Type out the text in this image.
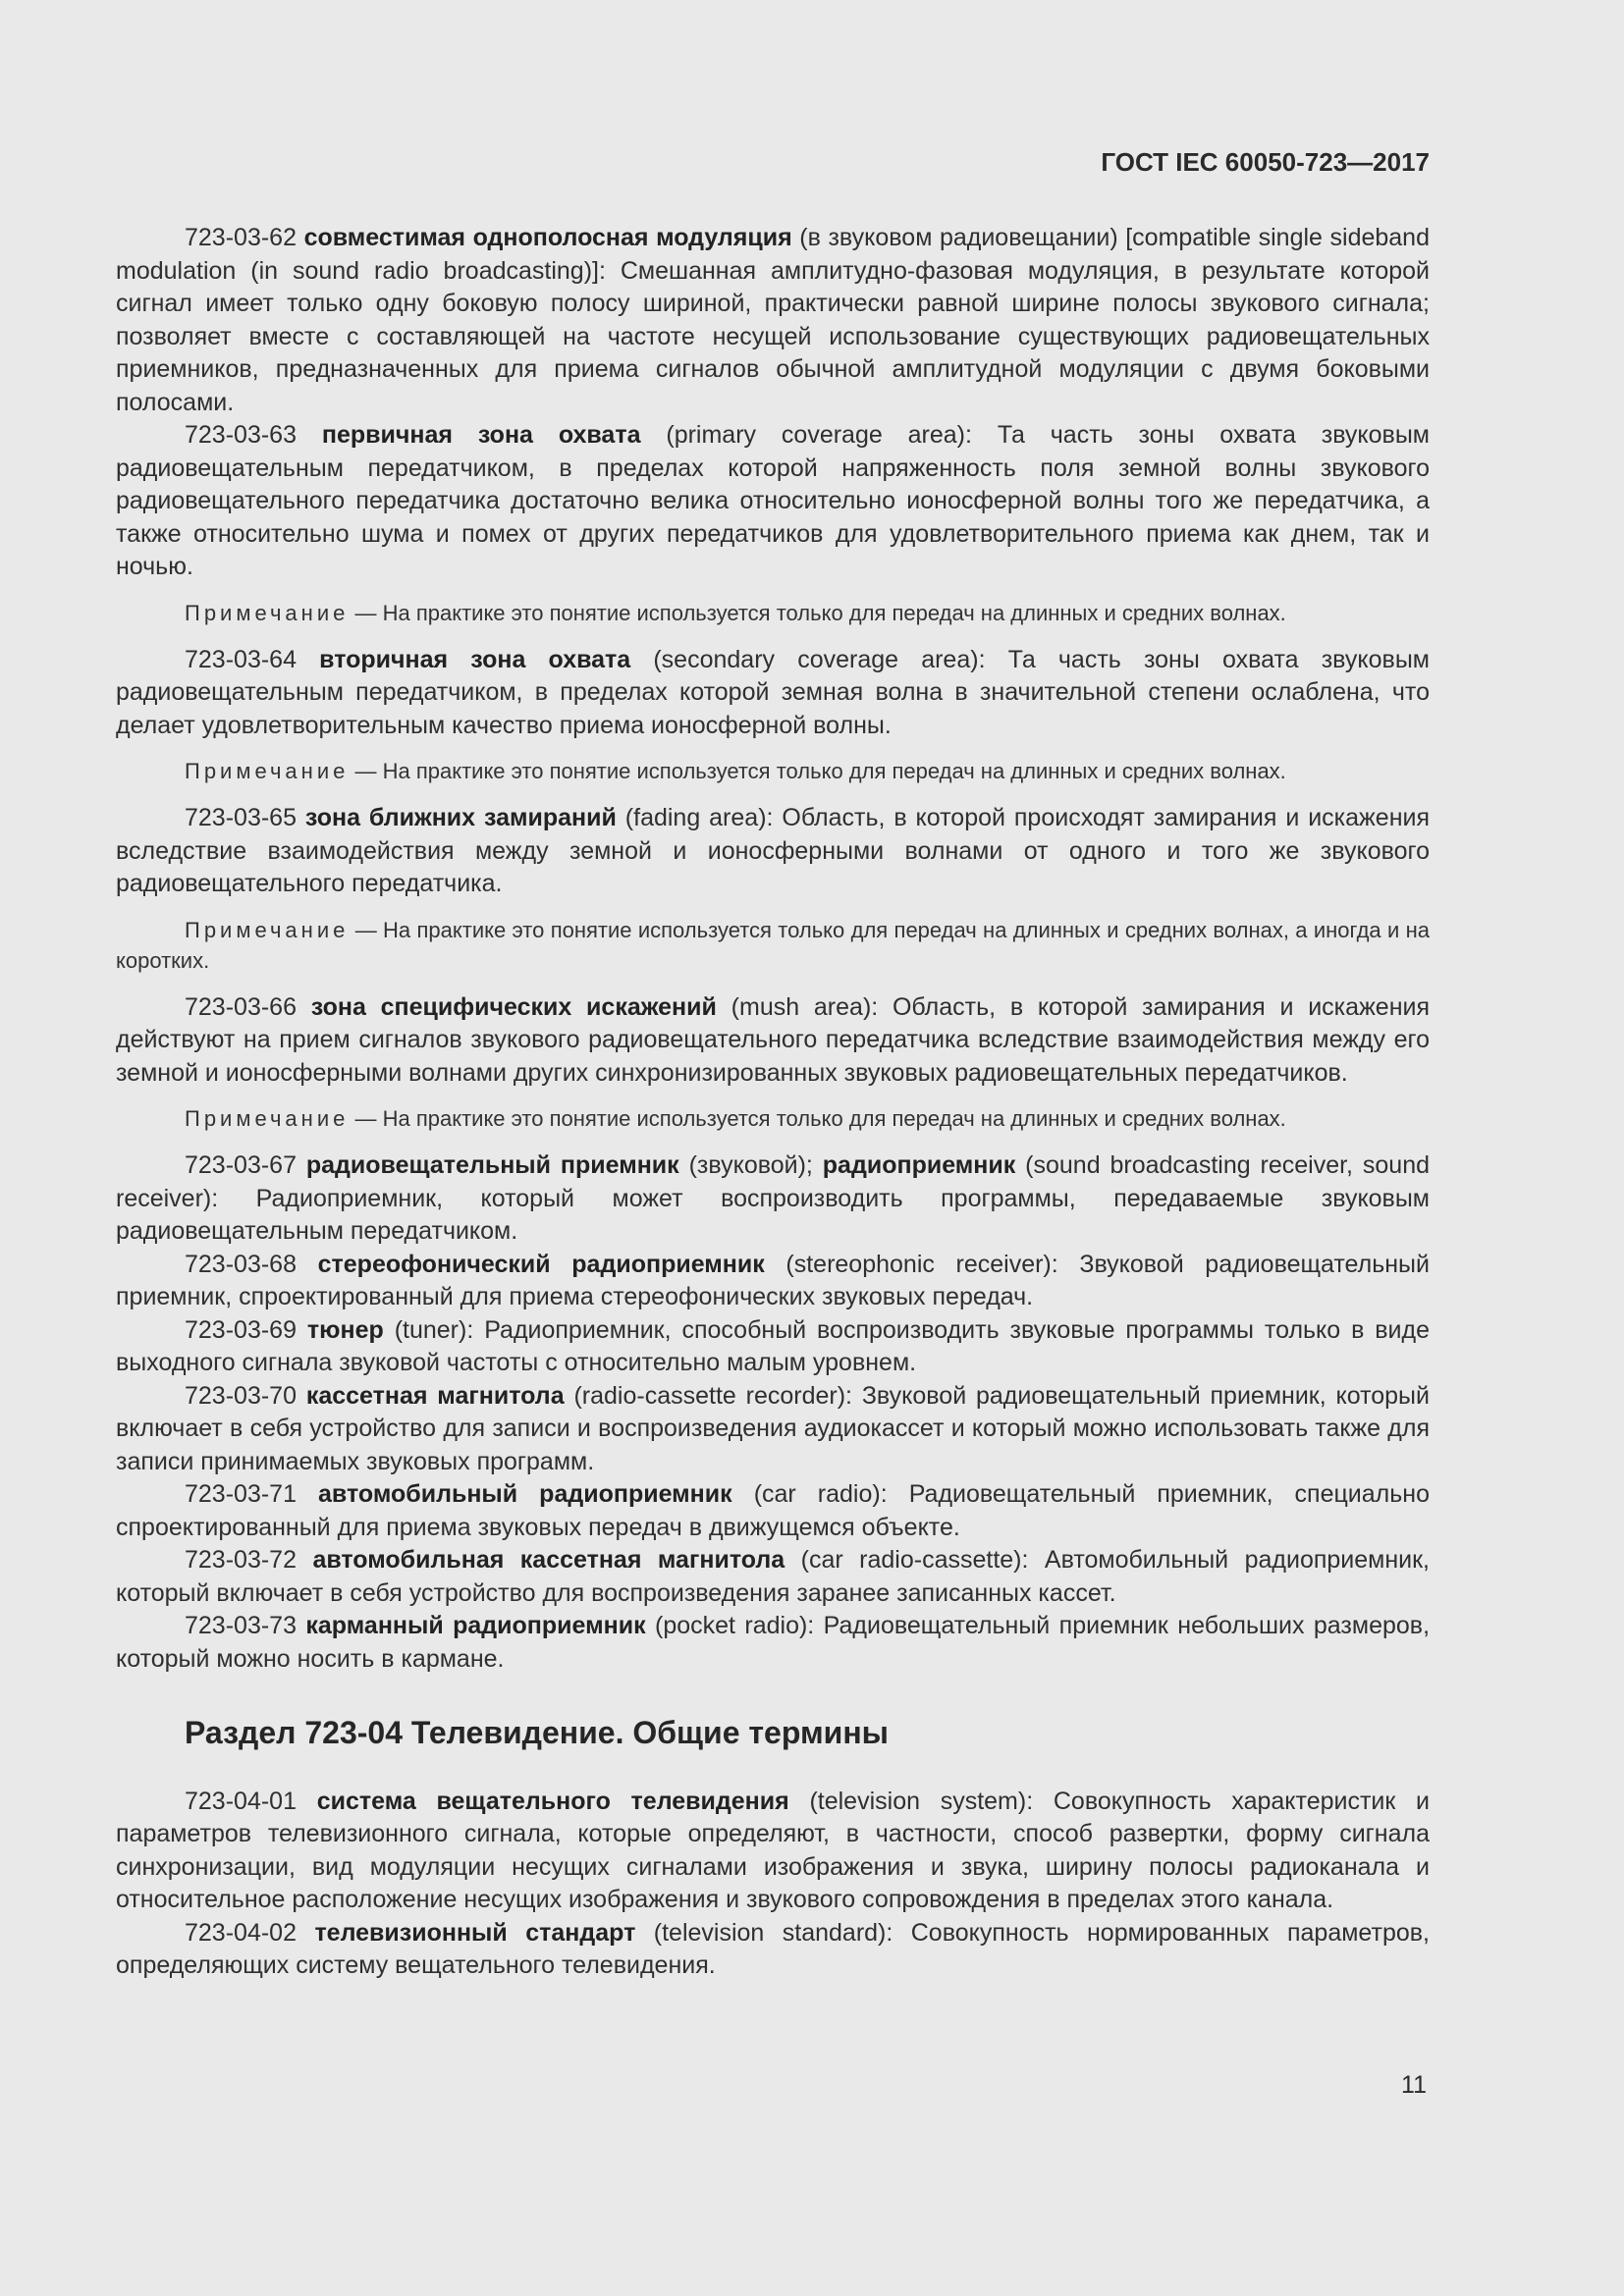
ГОСТ IEC 60050-723—2017

723-03-62 совместимая однополосная модуляция (в звуковом радиовещании) [compatible single sideband modulation (in sound radio broadcasting)]: Смешанная амплитудно-фазовая модуляция, в результате которой сигнал имеет только одну боковую полосу шириной, практически равной ширине полосы звукового сигнала; позволяет вместе с составляющей на частоте несущей использование существующих радиовещательных приемников, предназначенных для приема сигналов обычной амплитудной модуляции с двумя боковыми полосами.

723-03-63 первичная зона охвата (primary coverage area): Та часть зоны охвата звуковым радиовещательным передатчиком, в пределах которой напряженность поля земной волны звукового радиовещательного передатчика достаточно велика относительно ионосферной волны того же передатчика, а также относительно шума и помех от других передатчиков для удовлетворительного приема как днем, так и ночью.

Примечание — На практике это понятие используется только для передач на длинных и средних волнах.

723-03-64 вторичная зона охвата (secondary coverage area): Та часть зоны охвата звуковым радиовещательным передатчиком, в пределах которой земная волна в значительной степени ослаблена, что делает удовлетворительным качество приема ионосферной волны.

Примечание — На практике это понятие используется только для передач на длинных и средних волнах.

723-03-65 зона ближних замираний (fading area): Область, в которой происходят замирания и искажения вследствие взаимодействия между земной и ионосферными волнами от одного и того же звукового радиовещательного передатчика.

Примечание — На практике это понятие используется только для передач на длинных и средних волнах, а иногда и на коротких.

723-03-66 зона специфических искажений (mush area): Область, в которой замирания и искажения действуют на прием сигналов звукового радиовещательного передатчика вследствие взаимодействия между его земной и ионосферными волнами других синхронизированных звуковых радиовещательных передатчиков.

Примечание — На практике это понятие используется только для передач на длинных и средних волнах.

723-03-67 радиовещательный приемник (звуковой); радиоприемник (sound broadcasting receiver, sound receiver): Радиоприемник, который может воспроизводить программы, передаваемые звуковым радиовещательным передатчиком.

723-03-68 стереофонический радиоприемник (stereophonic receiver): Звуковой радиовещательный приемник, спроектированный для приема стереофонических звуковых передач.

723-03-69 тюнер (tuner): Радиоприемник, способный воспроизводить звуковые программы только в виде выходного сигнала звуковой частоты с относительно малым уровнем.

723-03-70 кассетная магнитола (radio-cassette recorder): Звуковой радиовещательный приемник, который включает в себя устройство для записи и воспроизведения аудиокассет и который можно использовать также для записи принимаемых звуковых программ.

723-03-71 автомобильный радиоприемник (car radio): Радиовещательный приемник, специально спроектированный для приема звуковых передач в движущемся объекте.

723-03-72 автомобильная кассетная магнитола (car radio-cassette): Автомобильный радиоприемник, который включает в себя устройство для воспроизведения заранее записанных кассет.

723-03-73 карманный радиоприемник (pocket radio): Радиовещательный приемник небольших размеров, который можно носить в кармане.

Раздел 723-04 Телевидение. Общие термины

723-04-01 система вещательного телевидения (television system): Совокупность характеристик и параметров телевизионного сигнала, которые определяют, в частности, способ развертки, форму сигнала синхронизации, вид модуляции несущих сигналами изображения и звука, ширину полосы радиоканала и относительное расположение несущих изображения и звукового сопровождения в пределах этого канала.

723-04-02 телевизионный стандарт (television standard): Совокупность нормированных параметров, определяющих систему вещательного телевидения.

11
